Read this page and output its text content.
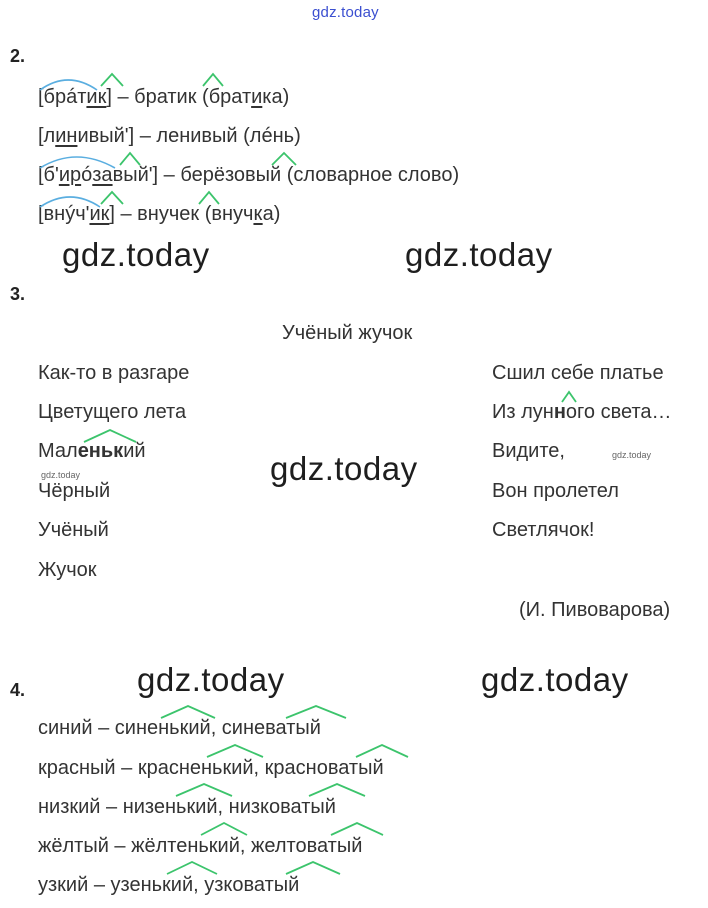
gdz.today
2.
[брáтик] – братик (братика)
[линивый'] – ленивый (лéнь)
[б'ирóзавый'] – берёзовый (словарное слово)
[внýч'ик] – внучек (внучка)
gdz.today	gdz.today
3.
Учёный жучок
Как-то в разгаре
Цветущего лета
Маленький
Чёрный
Учёный
Жучок
gdz.today	gdz.today
Сшил себе платье
Из лунного света…
Видите,	gdz.today
Вон пролетел
Светлячок!
(И. Пивоварова)
gdz.today	gdz.today
4.
синий – синенький, синеватый
красный – красненький, красноватый
низкий – низенький, низковатый
жёлтый – жёлтенький, желтоватый
узкий – узенький, узковатый
